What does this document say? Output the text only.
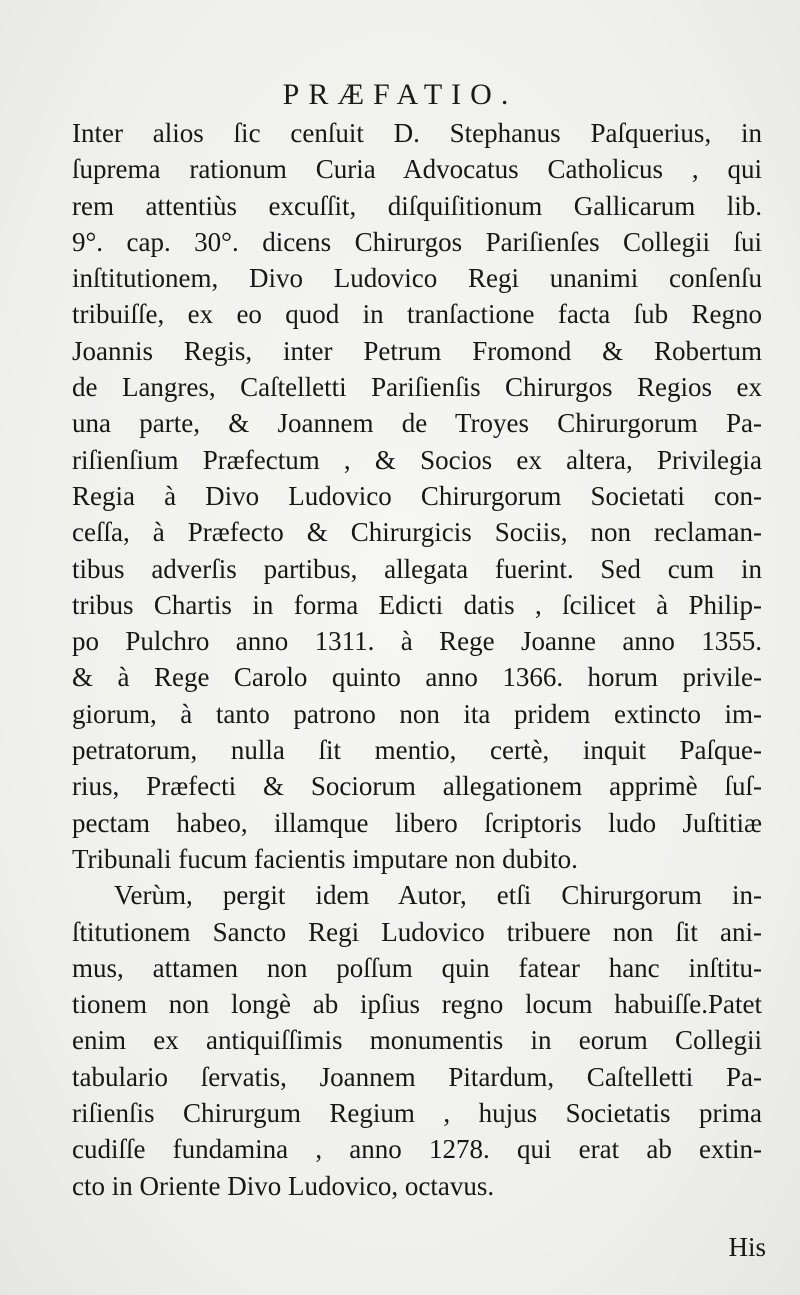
PRÆFATIO.
Inter alios ſic cenſuit D. Stephanus Paſquerius, in
ſuprema rationum Curia Advocatus Catholicus , qui
rem attentiùs excuſſit, diſquiſitionum Gallicarum lib.
9°. cap. 30°. dicens Chirurgos Pariſienſes Collegii ſui
inſtitutionem, Divo Ludovico Regi unanimi conſenſu
tribuiſſe, ex eo quod in tranſactione facta ſub Regno
Joannis Regis, inter Petrum Fromond & Robertum
de Langres, Caſtelletti Pariſienſis Chirurgos Regios ex
una parte, & Joannem de Troyes Chirurgorum Pa-
riſienſium Præfectum , & Socios ex altera, Privilegia
Regia à Divo Ludovico Chirurgorum Societati con-
ceſſa, à Præfecto & Chirurgicis Sociis, non reclaman-
tibus adverſis partibus, allegata fuerint. Sed cum in
tribus Chartis in forma Edicti datis , ſcilicet à Philip-
po Pulchro anno 1311. à Rege Joanne anno 1355.
& à Rege Carolo quinto anno 1366. horum privile-
giorum, à tanto patrono non ita pridem extincto im-
petratorum, nulla ſit mentio, certè, inquit Paſque-
rius, Præfecti & Sociorum allegationem apprimè ſuſ-
pectam habeo, illamque libero ſcriptoris ludo Juſtitiæ
Tribunali fucum facientis imputare non dubito.
Verùm, pergit idem Autor, etſi Chirurgorum in-
ſtitutionem Sancto Regi Ludovico tribuere non ſit ani-
mus, attamen non poſſum quin fatear hanc inſtitu-
tionem non longè ab ipſius regno locum habuiſſe.Patet
enim ex antiquiſſimis monumentis in eorum Collegii
tabulario ſervatis, Joannem Pitardum, Caſtelletti Pa-
riſienſis Chirurgum Regium , hujus Societatis prima
cudiſſe fundamina , anno 1278. qui erat ab extin-
cto in Oriente Divo Ludovico, octavus.
His
